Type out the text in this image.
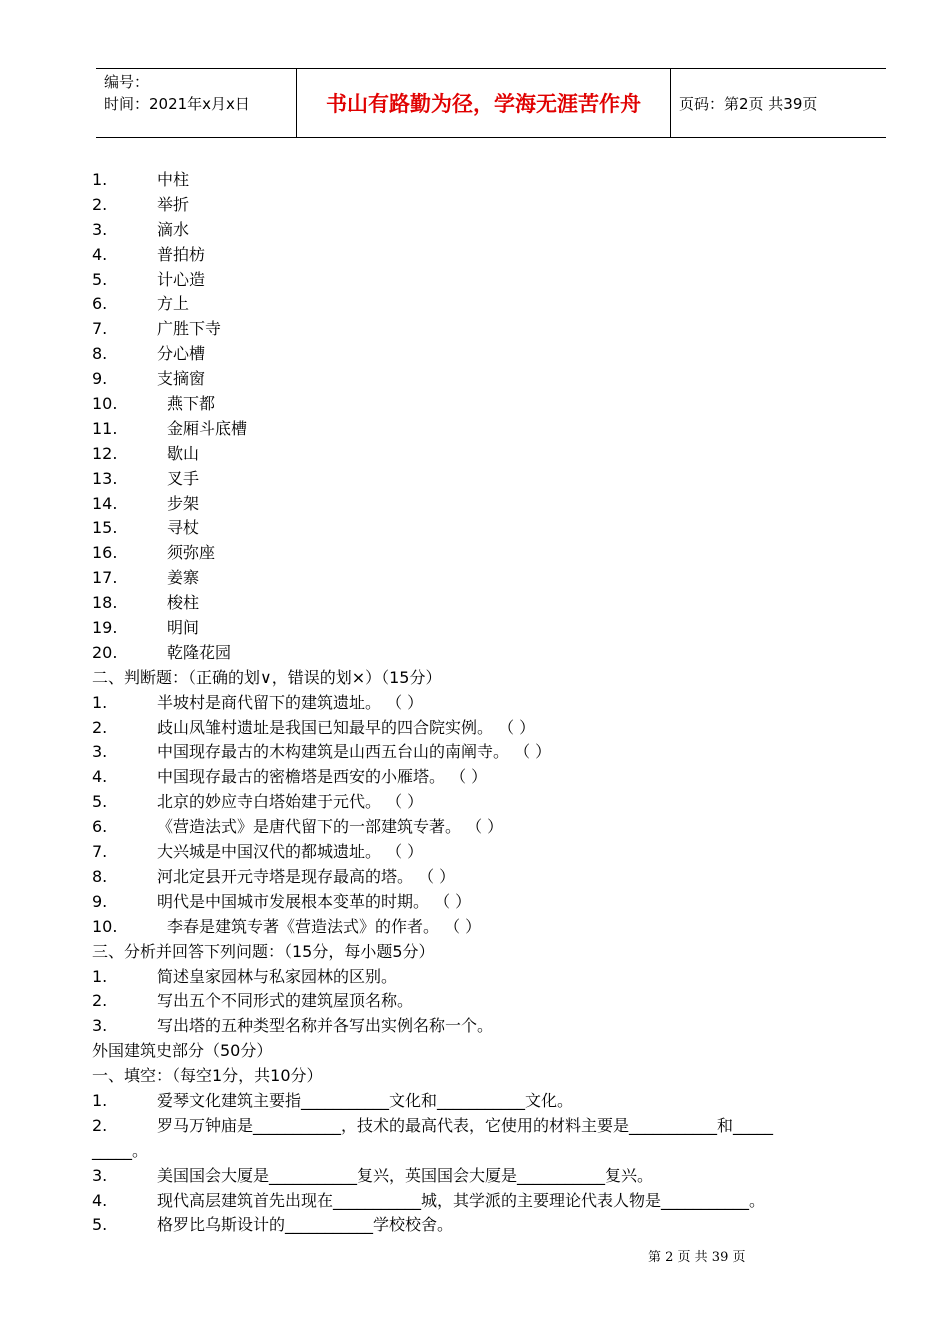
编号：
时间：2021年x月x日	书山有路勤为径，学海无涯苦作舟	页码：第2页 共39页
1.	中柱
2.	举折
3.	滴水
4.	普拍枋
5.	计心造
6.	方上
7.	广胜下寺
8.	分心槽
9.	支摘窗
10.	燕下都
11.	金厢斗底槽
12.	歇山
13.	叉手
14.	步架
15.	寻杖
16.	须弥座
17.	姜寨
18.	梭柱
19.	明间
20.	乾隆花园
二、判断题：（正确的划∨，错误的划×）（15分）
1.	半坡村是商代留下的建筑遗址。 （ ）
2.	歧山凤雏村遗址是我国已知最早的四合院实例。 （ ）
3.	中国现存最古的木构建筑是山西五台山的南阐寺。 （ ）
4.	中国现存最古的密檐塔是西安的小雁塔。 （ ）
5.	北京的妙应寺白塔始建于元代。 （ ）
6.	《营造法式》是唐代留下的一部建筑专著。 （ ）
7.	大兴城是中国汉代的都城遗址。 （ ）
8.	河北定县开元寺塔是现存最高的塔。 （ ）
9.	明代是中国城市发展根本变革的时期。 （ ）
10.	李春是建筑专著《营造法式》的作者。 （ ）
三、分析并回答下列问题：（15分，每小题5分）
1.	简述皇家园林与私家园林的区别。
2.	写出五个不同形式的建筑屋顶名称。
3.	写出塔的五种类型名称并各写出实例名称一个。
外国建筑史部分（50分）
一、填空：（每空1分，共10分）
1.	爱琴文化建筑主要指___________文化和___________文化。
2.	罗马万钟庙是___________，技术的最高代表，它使用的材料主要是___________和_____
_____。
3.	美国国会大厦是___________复兴，英国国会大厦是___________复兴。
4.	现代高层建筑首先出现在___________城，其学派的主要理论代表人物是___________。
5.	格罗比乌斯设计的___________学校校舍。
第 2 页 共 39 页
